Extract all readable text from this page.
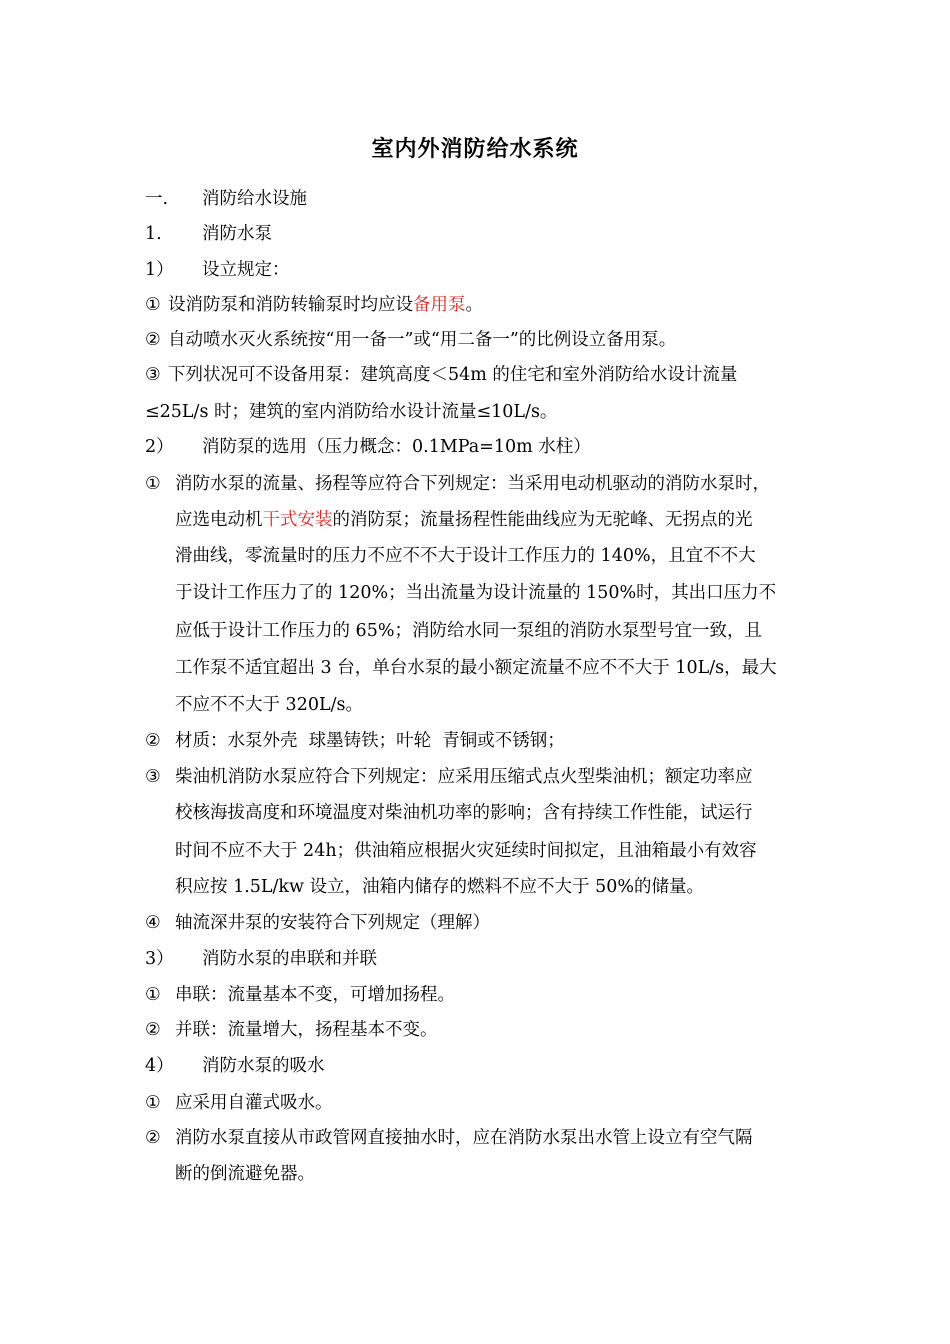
室内外消防给水系统
一. 消防给水设施
1. 消防水泵
1） 设立规定：
① 设消防泵和消防转输泵时均应设备用泵。
② 自动喷水灭火系统按“用一备一”或“用二备一”的比例设立备用泵。
③ 下列状况可不设备用泵：建筑高度＜54m 的住宅和室外消防给水设计流量
≤25L/s 时；建筑的室内消防给水设计流量≤10L/s。
2） 消防泵的选用（压力概念：0.1MPa=10m 水柱）
① 消防水泵的流量、扬程等应符合下列规定：当采用电动机驱动的消防水泵时，
应选电动机干式安装的消防泵；流量扬程性能曲线应为无驼峰、无拐点的光
滑曲线，零流量时的压力不应不不大于设计工作压力的 140%，且宜不不大
于设计工作压力了的 120%；当出流量为设计流量的 150%时，其出口压力不
应低于设计工作压力的 65%；消防给水同一泵组的消防水泵型号宜一致，且
工作泵不适宜超出 3 台，单台水泵的最小额定流量不应不不大于 10L/s，最大
不应不不大于 320L/s。
② 材质：水泵外壳  球墨铸铁；叶轮  青铜或不锈钢；
③ 柴油机消防水泵应符合下列规定：应采用压缩式点火型柴油机；额定功率应
校核海拔高度和环境温度对柴油机功率的影响；含有持续工作性能，试运行
时间不应不大于 24h；供油箱应根据火灾延续时间拟定，且油箱最小有效容
积应按 1.5L/kw 设立，油箱内储存的燃料不应不大于 50%的储量。
④ 轴流深井泵的安装符合下列规定（理解）
3） 消防水泵的串联和并联
① 串联：流量基本不变，可增加扬程。
② 并联：流量增大，扬程基本不变。
4） 消防水泵的吸水
① 应采用自灌式吸水。
② 消防水泵直接从市政管网直接抽水时，应在消防水泵出水管上设立有空气隔
断的倒流避免器。
